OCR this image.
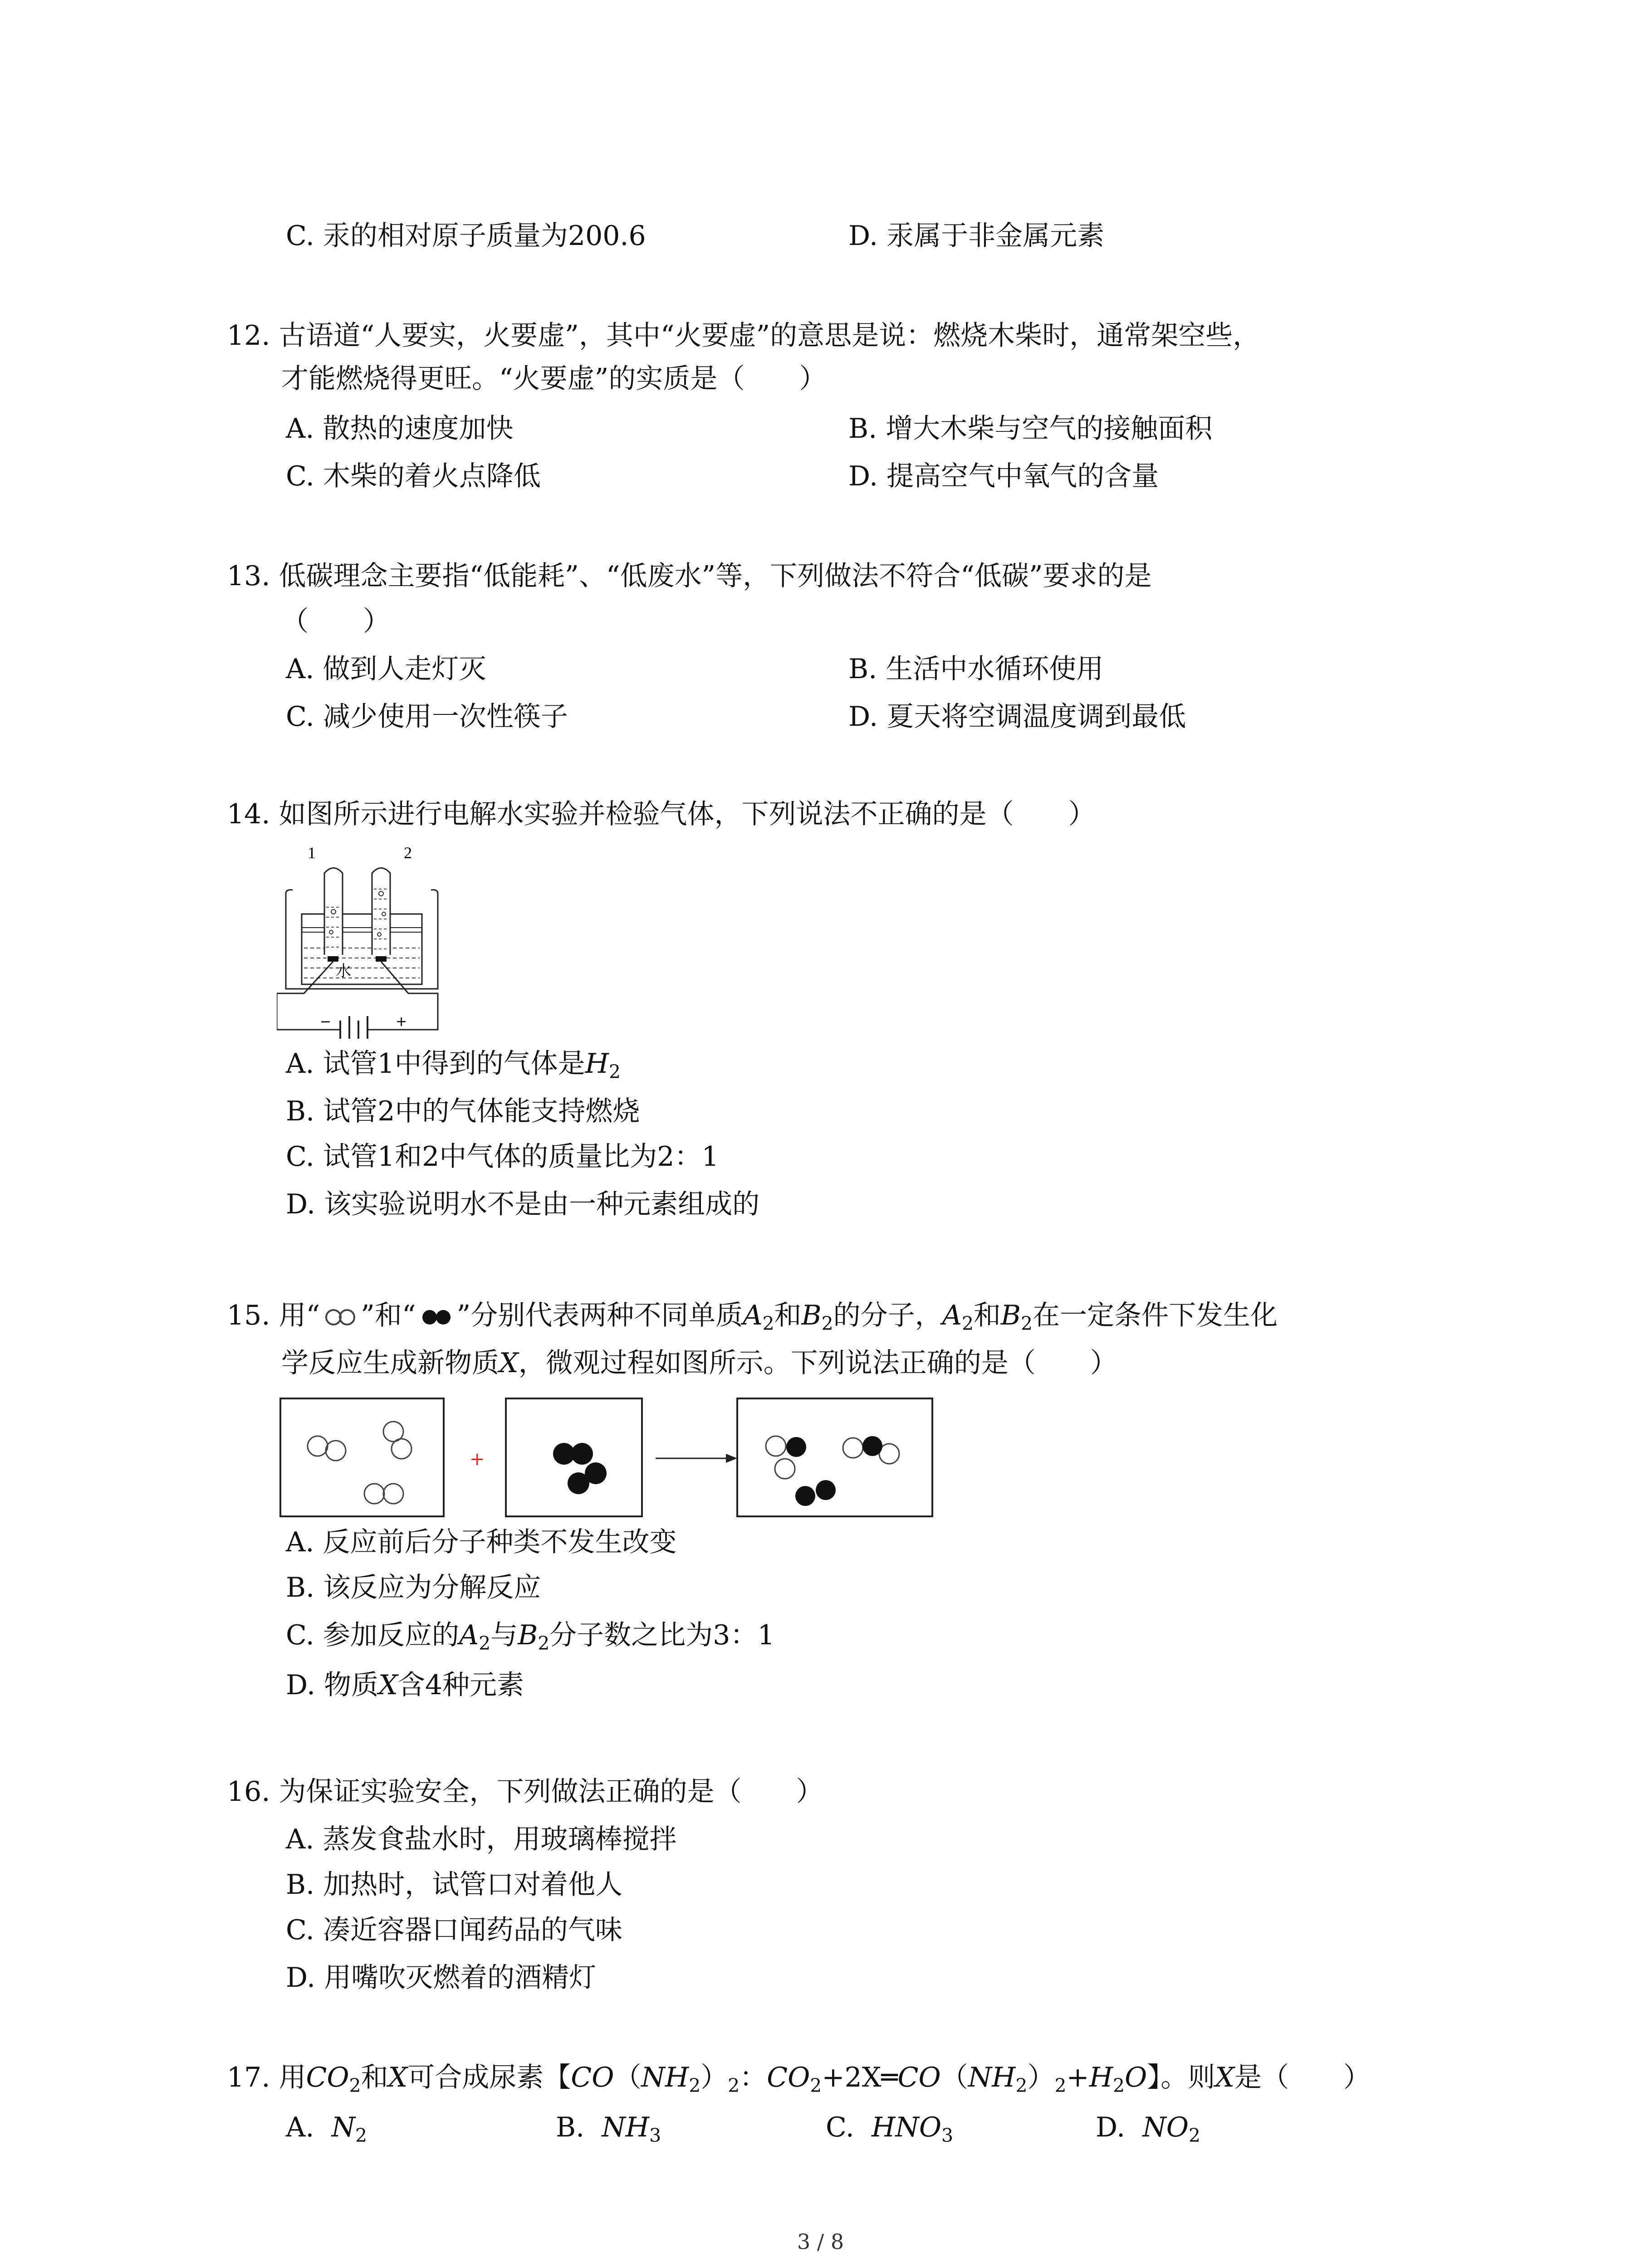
C. 汞的相对原子质量为200.6	D. 汞属于非金属元素
12. 古语道“人要实，火要虚”，其中“火要虚”的意思是说：燃烧木柴时，通常架空些，
才能燃烧得更旺。“火要虚”的实质是（　　）
A. 散热的速度加快	B. 增大木柴与空气的接触面积
C. 木柴的着火点降低	D. 提高空气中氧气的含量
13. 低碳理念主要指“低能耗”、“低废水”等，下列做法不符合“低碳”要求的是
（　　）
A. 做到人走灯灭	B. 生活中水循环使用
C. 减少使用一次性筷子	D. 夏天将空调温度调到最低
14. 如图所示进行电解水实验并检验气体，下列说法不正确的是（　　）
1	2
水
−	+
A. 试管1中得到的气体是$H_2$
B. 试管2中的气体能支持燃烧
C. 试管1和2中气体的质量比为2：1
D. 该实验说明水不是由一种元素组成的
15. 用“ ”和“ ”分别代表两种不同单质$A_2$和$B_2$的分子，$A_2$和$B_2$在一定条件下发生化
学反应生成新物质X，微观过程如图所示。下列说法正确的是（　　）
+
A. 反应前后分子种类不发生改变
B. 该反应为分解反应
C. 参加反应的$A_2$与$B_2$分子数之比为3：1
D. 物质X含4种元素
16. 为保证实验安全，下列做法正确的是（　　）
A. 蒸发食盐水时，用玻璃棒搅拌
B. 加热时，试管口对着他人
C. 凑近容器口闻药品的气味
D. 用嘴吹灭燃着的酒精灯
17. 用$CO_2$和X可合成尿素【$CO(NH_2)_2$：$CO_2+2X═CO(NH_2)_2+H_2O$】。则X是（　　）
A. $N_2$	B. $NH_3$	C. $HNO_3$	D. $NO_2$
3 / 8
